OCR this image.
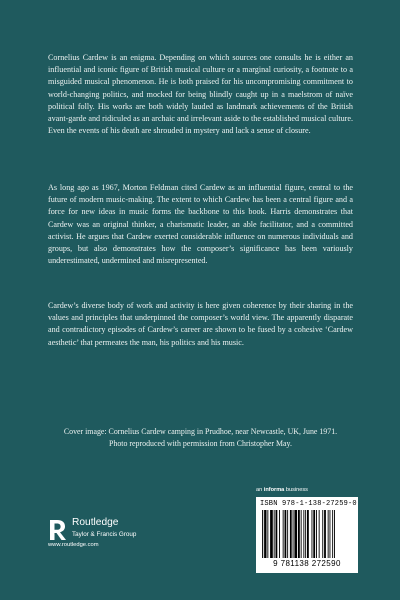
Cornelius Cardew is an enigma. Depending on which sources one consults he is either an influential and iconic figure of British musical culture or a marginal curiosity, a footnote to a misguided musical phenomenon. He is both praised for his uncompromising commitment to world-changing politics, and mocked for being blindly caught up in a maelstrom of naïve political folly. His works are both widely lauded as landmark achievements of the British avant-garde and ridiculed as an archaic and irrelevant aside to the established musical culture. Even the events of his death are shrouded in mystery and lack a sense of closure.

As long ago as 1967, Morton Feldman cited Cardew as an influential figure, central to the future of modern music-making. The extent to which Cardew has been a central figure and a force for new ideas in music forms the backbone to this book. Harris demonstrates that Cardew was an original thinker, a charismatic leader, an able facilitator, and a committed activist. He argues that Cardew exerted considerable influence on numerous individuals and groups, but also demonstrates how the composer’s significance has been variously underestimated, undermined and misrepresented.

Cardew’s diverse body of work and activity is here given coherence by their sharing in the values and principles that underpinned the composer’s world view. The apparently disparate and contradictory episodes of Cardew’s career are shown to be fused by a cohesive ‘Cardew aesthetic’ that permeates the man, his politics and his music.

Cover image: Cornelius Cardew camping in Prudhoe, near Newcastle, UK, June 1971.
Photo reproduced with permission from Christopher May.
an informa business
ISBN 978-1-138-27259-0
9 781138 272590
Routledge
Taylor & Francis Group
www.routledge.com
